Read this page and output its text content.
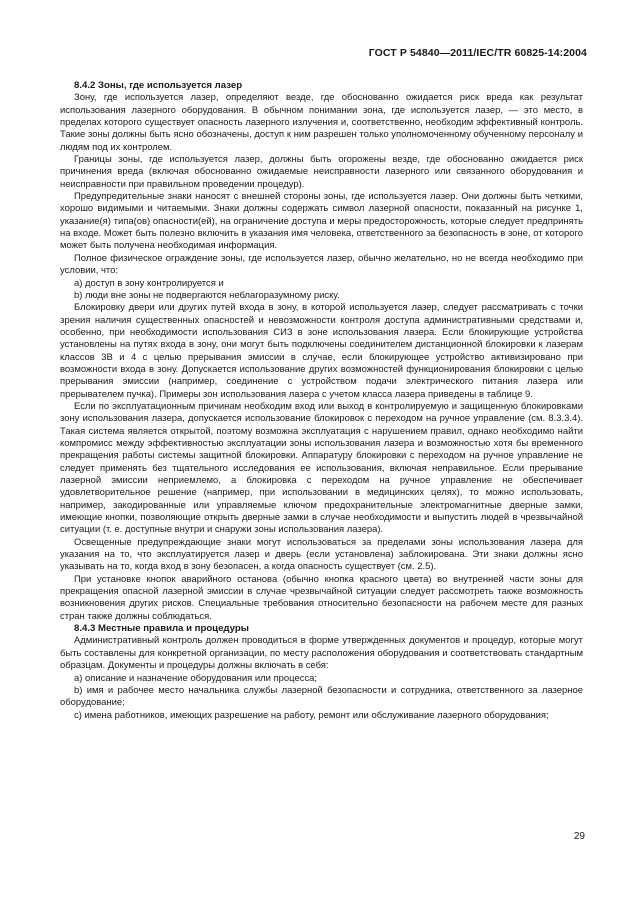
ГОСТ Р 54840—2011/IEC/TR 60825-14:2004
8.4.2 Зоны, где используется лазер

Зону, где используется лазер, определяют везде, где обоснованно ожидается риск вреда как результат использования лазерного оборудования. В обычном понимании зона, где используется лазер, — это место, в пределах которого существует опасность лазерного излучения и, соответственно, необходим эффективный контроль. Такие зоны должны быть ясно обозначены, доступ к ним разрешен только уполномоченному обученному персоналу и людям под их контролем.

Границы зоны, где используется лазер, должны быть огорожены везде, где обоснованно ожидается риск причинения вреда (включая обоснованно ожидаемые неисправности лазерного или связанного оборудования и неисправности при правильном проведении процедур).

Предупредительные знаки наносят с внешней стороны зоны, где используется лазер. Они должны быть четкими, хорошо видимыми и читаемыми. Знаки должны содержать символ лазерной опасности, показанный на рисунке 1, указание(я) типа(ов) опасности(ей), на ограничение доступа и меры предосторожность, которые следует предпринять на входе. Может быть полезно включить в указания имя человека, ответственного за безопасность в зоне, от которого может быть получена необходимая информация.

Полное физическое ограждение зоны, где используется лазер, обычно желательно, но не всегда необходимо при условии, что:

a) доступ в зону контролируется и

b) люди вне зоны не подвергаются неблагоразумному риску.

Блокировку двери или других путей входа в зону, в которой используется лазер, следует рассматривать с точки зрения наличия существенных опасностей и невозможности контроля доступа административными средствами и, особенно, при необходимости использования СИЗ в зоне использования лазера. Если блокирующие устройства установлены на путях входа в зону, они могут быть подключены соединителем дистанционной блокировки к лазерам классов 3В и 4 с целью прерывания эмиссии в случае, если блокирующее устройство активизировано при возможности входа в зону. Допускается использование других возможностей функционирования блокировки с целью прерывания эмиссии (например, соединение с устройством подачи электрического питания лазера или прерывателем пучка). Примеры зон использования лазера с учетом класса лазера приведены в таблице 9.

Если по эксплуатационным причинам необходим вход или выход в контролируемую и защищенную блокировками зону использования лазера, допускается использование блокировок с переходом на ручное управление (см. 8.3.3.4). Такая система является открытой, поэтому возможна эксплуатация с нарушением правил, однако необходимо найти компромисс между эффективностью эксплуатации зоны использования лазера и возможностью хотя бы временного прекращения работы системы защитной блокировки. Аппаратуру блокировки с переходом на ручное управление не следует применять без тщательного исследования ее использования, включая неправильное. Если прерывание лазерной эмиссии неприемлемо, а блокировка с переходом на ручное управление не обеспечивает удовлетворительное решение (например, при использовании в медицинских целях), то можно использовать, например, закодированные или управляемые ключом предохранительные электромагнитные дверные замки, имеющие кнопки, позволяющие открыть дверные замки в случае необходимости и выпустить людей в чрезвычайной ситуации (т. е. доступные внутри и снаружи зоны использования лазера).

Освещенные предупреждающие знаки могут использоваться за пределами зоны использования лазера для указания на то, что эксплуатируется лазер и дверь (если установлена) заблокирована. Эти знаки должны ясно указывать на то, когда вход в зону безопасен, а когда опасность существует (см. 2.5).

При установке кнопок аварийного останова (обычно кнопка красного цвета) во внутренней части зоны для прекращения опасной лазерной эмиссии в случае чрезвычайной ситуации следует рассмотреть также возможность возникновения других рисков. Специальные требования относительно безопасности на рабочем месте для разных стран также должны соблюдаться.

8.4.3 Местные правила и процедуры

Административный контроль должен проводиться в форме утвержденных документов и процедур, которые могут быть составлены для конкретной организации, по месту расположения оборудования и соответствовать стандартным образцам. Документы и процедуры должны включать в себя:

a) описание и назначение оборудования или процесса;

b) имя и рабочее место начальника службы лазерной безопасности и сотрудника, ответственного за лазерное оборудование;

c) имена работников, имеющих разрешение на работу, ремонт или обслуживание лазерного оборудования;

29
